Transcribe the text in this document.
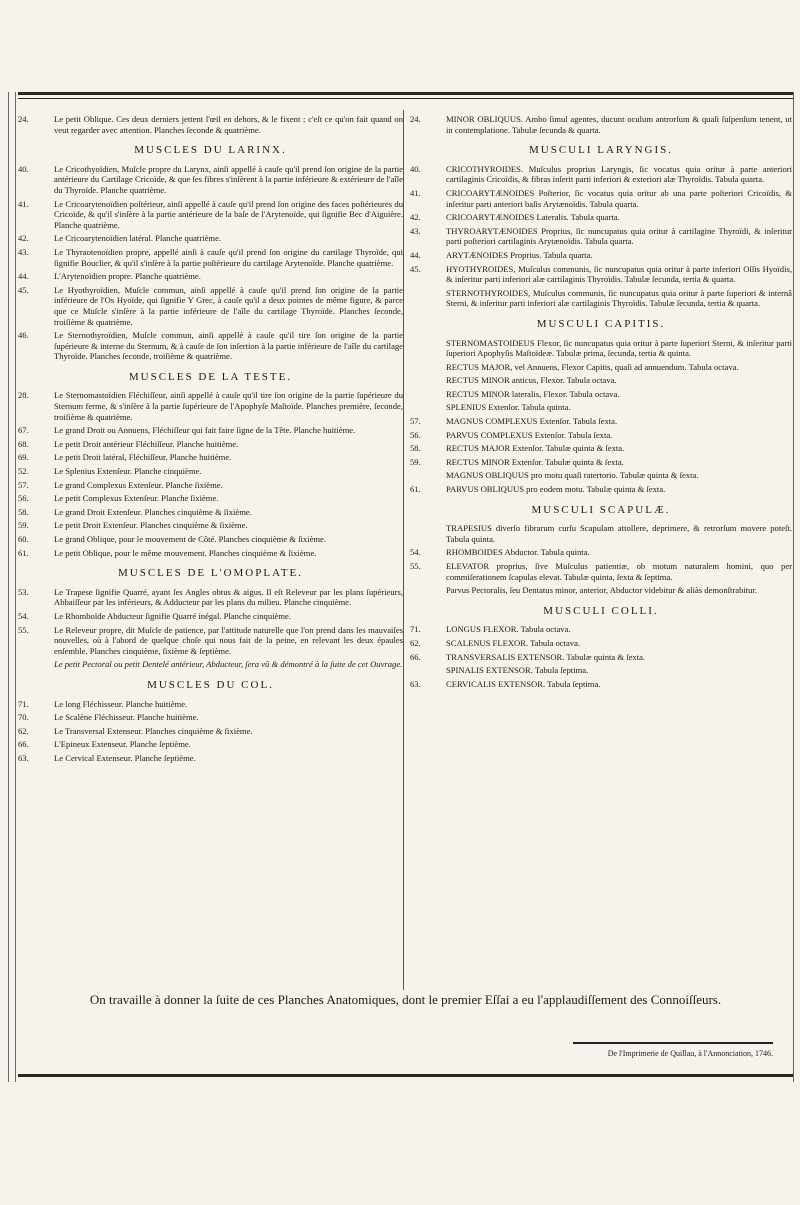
24.	Le petit Oblique. Ces deux derniers jettent l'œil en dehors, & le fixent ; c'eſt ce qu'on fait quand on veut regarder avec attention. Planches ſeconde & quatrième.
MUSCLES DU LARINX.
40.	Le Cricothyoïdien, Muſcle propre du Larynx, ainſi appellé à cauſe qu'il prend ſon origine de la partie antérieure du Cartilage Cricoïde, & que ſes fibres s'inſèrent à la partie inférieure & extérieure de l'aîle du Thyroïde. Planche quatrième.
41.	Le Cricoarytenoïdien poſtérieur, ainſi appellé à cauſe qu'il prend ſon origine des faces poſtérieures du Cricoïde, & qu'il s'inſère à la partie antérieure de la baſe de l'Arytenoïde, qui ſignifie Bec d'Aiguière. Planche quatrième.
42.	Le Cricoarytenoïdien latéral. Planche quatrième.
43.	Le Thyraotenoïdien propre, appellé ainſi à cauſe qu'il prend ſon origine du cartilage Thyroïde, qui ſignifie Bouclier, & qu'il s'inſère à la partie poſtérieure du cartilage Arytenoïde. Planche quatrième.
44.	L'Arytenoïdien propre. Planche quatrième.
45.	Le Hyothyroïdien, Muſcle commun, ainſi appellé à cauſe qu'il prend ſon origine de la partie inférieure de l'Os Hyoïde, qui ſignifie Y Grec, à cauſe qu'il a deux pointes de même figure, & parce que ce Muſcle s'inſère à la partie inférieure de l'aîle du cartilage Thyroïde. Planches ſeconde, troiſième & quatrième.
46.	Le Sternothyroïdien, Muſcle commun, ainſi appellé à cauſe qu'il tire ſon origine de la partie ſupérieure & interne du Sternum, & à cauſe de ſon inſertion à la partie inférieure de l'aîle du cartilage Thyroïde. Planches ſeconde, troiſième & quatrième.
MUSCLES DE LA TESTE.
28.	Le Sternomastoïdien Fléchiſſeur, ainſi appellé à cauſe qu'il tire ſon origine de la partie ſupérieure du Sternum ferme, & s'inſère à la partie ſupérieure de l'Apophyſe Maſtoïde. Planches première, ſeconde, troiſième & quatrième.
67.	Le grand Droit ou Annuens, Fléchiſſeur qui fait faire ſigne de la Tête. Planche huitième.
68.	Le petit Droit antérieur Fléchiſſeur. Planche huitième.
69.	Le petit Droit latéral, Fléchiſſeur. Planche huitième.
52.	Le Splenius Extenſeur. Planche cinquième.
57.	Le grand Complexus Extenſeur. Planche ſixième.
56.	Le petit Complexus Extenſeur. Planche ſixième.
58.	Le grand Droit Extenſeur. Planches cinquième & ſixième.
59.	Le petit Droit Extenſeur. Planches cinquième & ſixième.
60.	Le grand Oblique, pour le mouvement de Côté. Planches cinquième & ſixième.
61.	Le petit Oblique, pour le même mouvement. Planches cinquième & ſixième.
MUSCLES DE L'OMOPLATE.
53.	Le Trapese ſignifie Quarré, ayant ſes Angles obtus & aigus. Il eſt Releveur par les plans ſupérieurs, Abbaiſſeur par les inférieurs, & Adducteur par les plans du milieu. Planche cinquième.
54.	Le Rhomboïde Abducteur ſignifie Quarré inégal. Planche cinquième.
55.	Le Releveur propre, dit Muſcle de patience, par l'attitude naturelle que l'on prend dans les mauvaiſes nouvelles, où à l'abord de quelque choſe qui nous fait de la peine, en relevant les deux épaules enſemble. Planches cinquième, ſixième & ſeptième.
Le petit Pectoral ou petit Dentelé antérieur, Abducteur, ſera vû & démontré à la ſuite de cet Ouvrage.
MUSCLES DU COL.
71.	Le long Fléchisseur. Planche huitième.
70.	Le Scalène Fléchisseur. Planche huitième.
62.	Le Transversal Extenseur. Planches cinquième & ſixième.
66.	L'Epineux Extenseur. Planche ſeptième.
63.	Le Cervical Extenseur. Planche ſeptième.
24.	MINOR OBLIQUUS. Ambo ſimul agentes, ducunt oculum antrorſum & quaſi ſuſpenſum tenent, ut in contemplatione. Tabulæ ſecunda & quarta.
MUSCULI LARYNGIS.
40.	CRICOTHYROIDES. Muſculus proprius Laryngis, ſic vocatus quia oritur à parte anteriori cartilaginis Cricoïdis, & fibras inſerit parti inferiori & exteriori alæ Thyroïdis. Tabula quarta.
41.	CRICOARYTÆNOIDES Poſterior, ſic vocatus quia oritur ab una parte poſteriori Cricoïdis, & inſeritur parti anteriori baſis Arytænoïdis. Tabula quarta.
42.	CRICOARYTÆNOIDES Lateralis. Tabula quarta.
43.	THYROARYTÆNOIDES Proprius, ſic nuncupatus quia oritur à cartilagine Thyroïdi, & inſeritur parti poſteriori cartilaginis Arytænoïdis. Tabula quarta.
44.	ARYTÆNOIDES Proprius. Tabula quarta.
45.	HYOTHYROIDES, Muſculus communis, ſic nuncupatus quia oritur à parte inferiori Oſſis Hyoïdis, & inſeritur parti inferiori alæ cartilaginis Thyroïdis. Tabulæ ſecunda, tertia & quarta.
STERNOTHYROIDES, Muſculus communis, ſic nuncupatus quia oritur à parte ſuperiori & internâ Sterni, & inſeritur parti inferiori alæ cartilaginis Thyroïdis. Tabulæ ſecunda, tertia & quarta.
MUSCULI CAPITIS.
STERNOMASTOIDEUS Flexor, ſic nuncupatus quia oritur à parte ſuperiori Sterni, & inſeritur parti ſuperiori Apophyſis Maſtoïdeæ. Tabulæ prima, ſecunda, tertia & quinta.
RECTUS MAJOR, vel Annuens, Flexor Capitis, quaſi ad annuendum. Tabula octava.
RECTUS MINOR anticus, Flexor. Tabula octava.
RECTUS MINOR lateralis, Flexor. Tabula octava.
SPLENIUS Extenſor. Tabula quinta.
57.	MAGNUS COMPLEXUS Extenſor. Tabula ſexta.
56.	PARVUS COMPLEXUS Extenſor. Tabula ſexta.
58.	RECTUS MAJOR Extenſor. Tabulæ quinta & ſexta.
59.	RECTUS MINOR Extenſor. Tabulæ quinta & ſexta.
MAGNUS OBLIQUUS pro motu quaſi ratertorio. Tabulæ quinta & ſexta.
61.	PARVUS OBLIQUUS pro eodem motu. Tabulæ quinta & ſexta.
MUSCULI SCAPULÆ.
TRAPESIUS diverſo fibrarum curſu Scapulam attollere, deprimere, & retrorſum movere poteſt. Tabula quinta.
54.	RHOMBOIDES Abductor. Tabula quinta.
55.	ELEVATOR proprius, ſive Muſculus patientiæ, ob motum naturalem homini, quo per commiſerationem ſcapulas elevat. Tabulæ quinta, ſexta & ſeptima.
Parvus Pectoralis, ſeu Dentatus minor, anterior, Abductor videbitur & aliàs demonſtrabitur.
MUSCULI COLLI.
71.	LONGUS FLEXOR. Tabula octava.
62.	SCALENUS FLEXOR. Tabula octava.
66.	TRANSVERSALIS EXTENSOR. Tabulæ quinta & ſexta.
SPINALIS EXTENSOR. Tabula ſeptima.
63.	CERVICALIS EXTENSOR. Tabula ſeptima.
On travaille à donner la ſuite de ces Planches Anatomiques, dont le premier Eſſai a eu l'applaudiſſement des Connoiſſeurs.
De l'Imprimerie de Quillau, à l'Annonciation, 1746.
